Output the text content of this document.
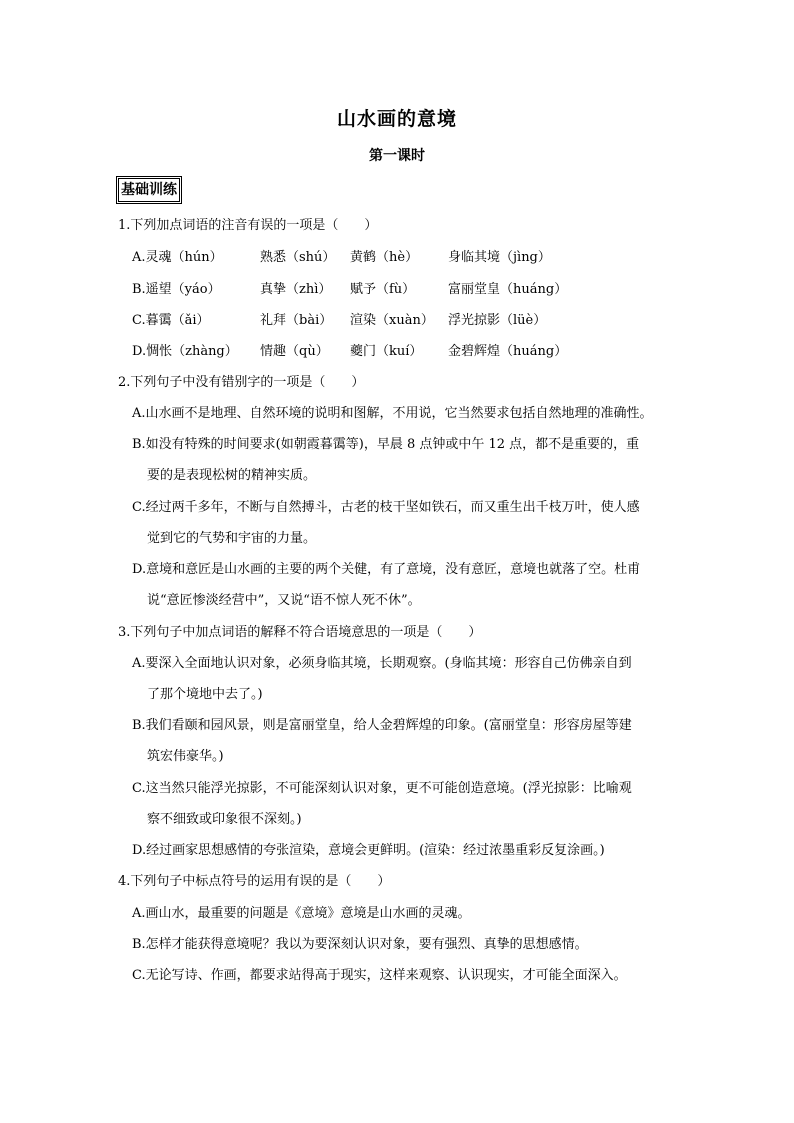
山水画的意境
第一课时
基础训练
1.下列加点词语的注音有误的一项是（　　）
A.灵魂（hún）	熟悉（shú） 黄鹤（hè） 身临其境（jìng）
B.遥望（yáo）	真挚（zhì） 赋予（fù）	富丽堂皇（huáng）
C.暮霭（ǎi）	礼拜（bài） 渲染（xuàn） 浮光掠影（lüè）
D.惆怅（zhàng） 情趣（qù） 夔门（kuí） 金碧辉煌（huáng）
2.下列句子中没有错别字的一项是（　　）
A.山水画不是地理、自然环境的说明和图解，不用说，它当然要求包括自然地理的准确性。
B.如没有特殊的时间要求(如朝霞暮霭等)，早晨 8 点钟或中午 12 点，都不是重要的，重
要的是表现松树的精神实质。
C.经过两千多年，不断与自然搏斗，古老的枝干坚如铁石，而又重生出千枝万叶，使人感
觉到它的气势和宇宙的力量。
D.意境和意匠是山水画的主要的两个关健，有了意境，没有意匠，意境也就落了空。杜甫
说“意匠惨淡经营中”，又说“语不惊人死不休”。
3.下列句子中加点词语的解释不符合语境意思的一项是（　　）
A.要深入全面地认识对象，必须身临其境，长期观察。(身临其境：形容自己仿佛亲自到
了那个境地中去了。)
B.我们看颐和园风景，则是富丽堂皇，给人金碧辉煌的印象。(富丽堂皇：形容房屋等建
筑宏伟豪华。)
C.这当然只能浮光掠影，不可能深刻认识对象，更不可能创造意境。(浮光掠影：比喻观
察不细致或印象很不深刻。)
D.经过画家思想感情的夸张渲染，意境会更鲜明。(渲染：经过浓墨重彩反复涂画。)
4.下列句子中标点符号的运用有误的是（　　）
A.画山水，最重要的问题是《意境》意境是山水画的灵魂。
B.怎样才能获得意境呢？我以为要深刻认识对象，要有强烈、真挚的思想感情。
C.无论写诗、作画，都要求站得高于现实，这样来观察、认识现实，才可能全面深入。
